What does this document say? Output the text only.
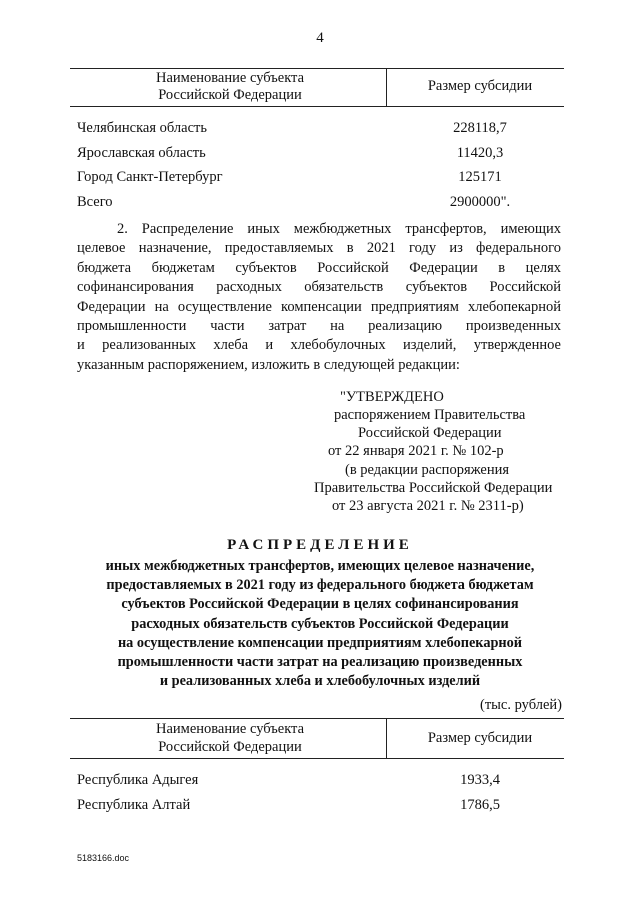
4
Наименование субъекта
Российской Федерации
Размер субсидии
Челябинская область	228118,7
Ярославская область	11420,3
Город Санкт-Петербург	125171
Всего	2900000".
2. Распределение иных межбюджетных трансфертов, имеющих
целевое назначение, предоставляемых в 2021 году из федерального
бюджета бюджетам субъектов Российской Федерации в целях
софинансирования расходных обязательств субъектов Российской
Федерации на осуществление компенсации предприятиям хлебопекарной
промышленности части затрат на реализацию произведенных
и реализованных хлеба и хлебобулочных изделий, утвержденное
указанным распоряжением, изложить в следующей редакции:
"УТВЕРЖДЕНО
распоряжением Правительства
Российской Федерации
от 22 января 2021 г. № 102-р
(в редакции распоряжения
Правительства Российской Федерации
от 23 августа 2021 г. № 2311-р)
РАСПРЕДЕЛЕНИЕ
иных межбюджетных трансфертов, имеющих целевое назначение,
предоставляемых в 2021 году из федерального бюджета бюджетам
субъектов Российской Федерации в целях софинансирования
расходных обязательств субъектов Российской Федерации
на осуществление компенсации предприятиям хлебопекарной
промышленности части затрат на реализацию произведенных
и реализованных хлеба и хлебобулочных изделий
(тыс. рублей)
Наименование субъекта
Российской Федерации
Размер субсидии
Республика Адыгея	1933,4
Республика Алтай	1786,5
5183166.doc
